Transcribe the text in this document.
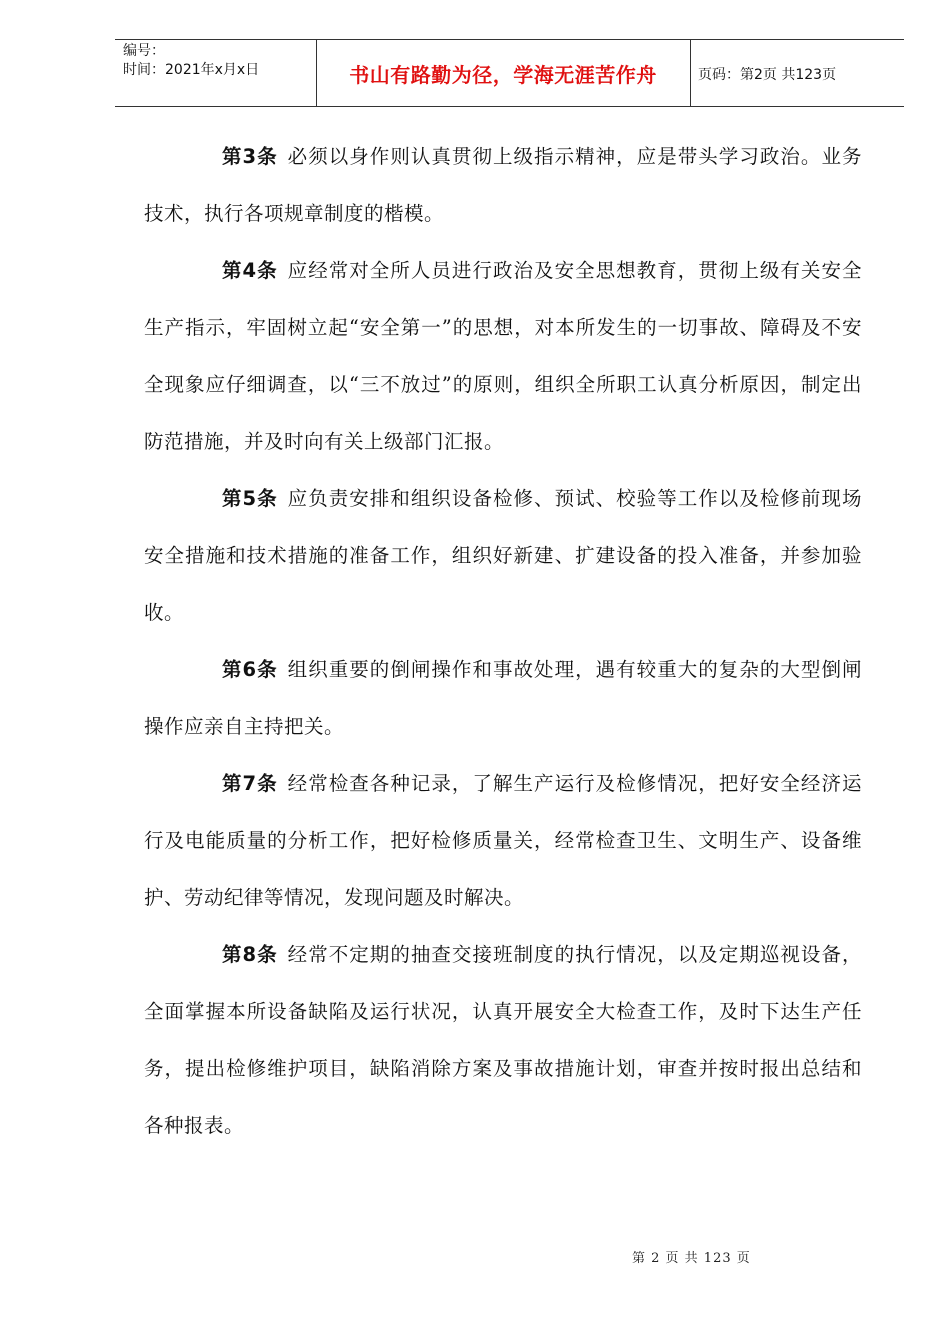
编号：
时间：2021年x月x日	书山有路勤为径，学海无涯苦作舟	页码：第2页 共123页

第3条 必须以身作则认真贯彻上级指示精神，应是带头学习政治。业务技术，执行各项规章制度的楷模。

第4条 应经常对全所人员进行政治及安全思想教育，贯彻上级有关安全生产指示，牢固树立起“安全第一”的思想，对本所发生的一切事故、障碍及不安全现象应仔细调查，以“三不放过”的原则，组织全所职工认真分析原因，制定出防范措施，并及时向有关上级部门汇报。

第5条 应负责安排和组织设备检修、预试、校验等工作以及检修前现场安全措施和技术措施的准备工作，组织好新建、扩建设备的投入准备，并参加验收。

第6条 组织重要的倒闸操作和事故处理，遇有较重大的复杂的大型倒闸操作应亲自主持把关。

第7条 经常检查各种记录，了解生产运行及检修情况，把好安全经济运行及电能质量的分析工作，把好检修质量关，经常检查卫生、文明生产、设备维护、劳动纪律等情况，发现问题及时解决。

第8条 经常不定期的抽查交接班制度的执行情况，以及定期巡视设备，全面掌握本所设备缺陷及运行状况，认真开展安全大检查工作，及时下达生产任务，提出检修维护项目，缺陷消除方案及事故措施计划，审查并按时报出总结和各种报表。

第 2 页 共 123 页
